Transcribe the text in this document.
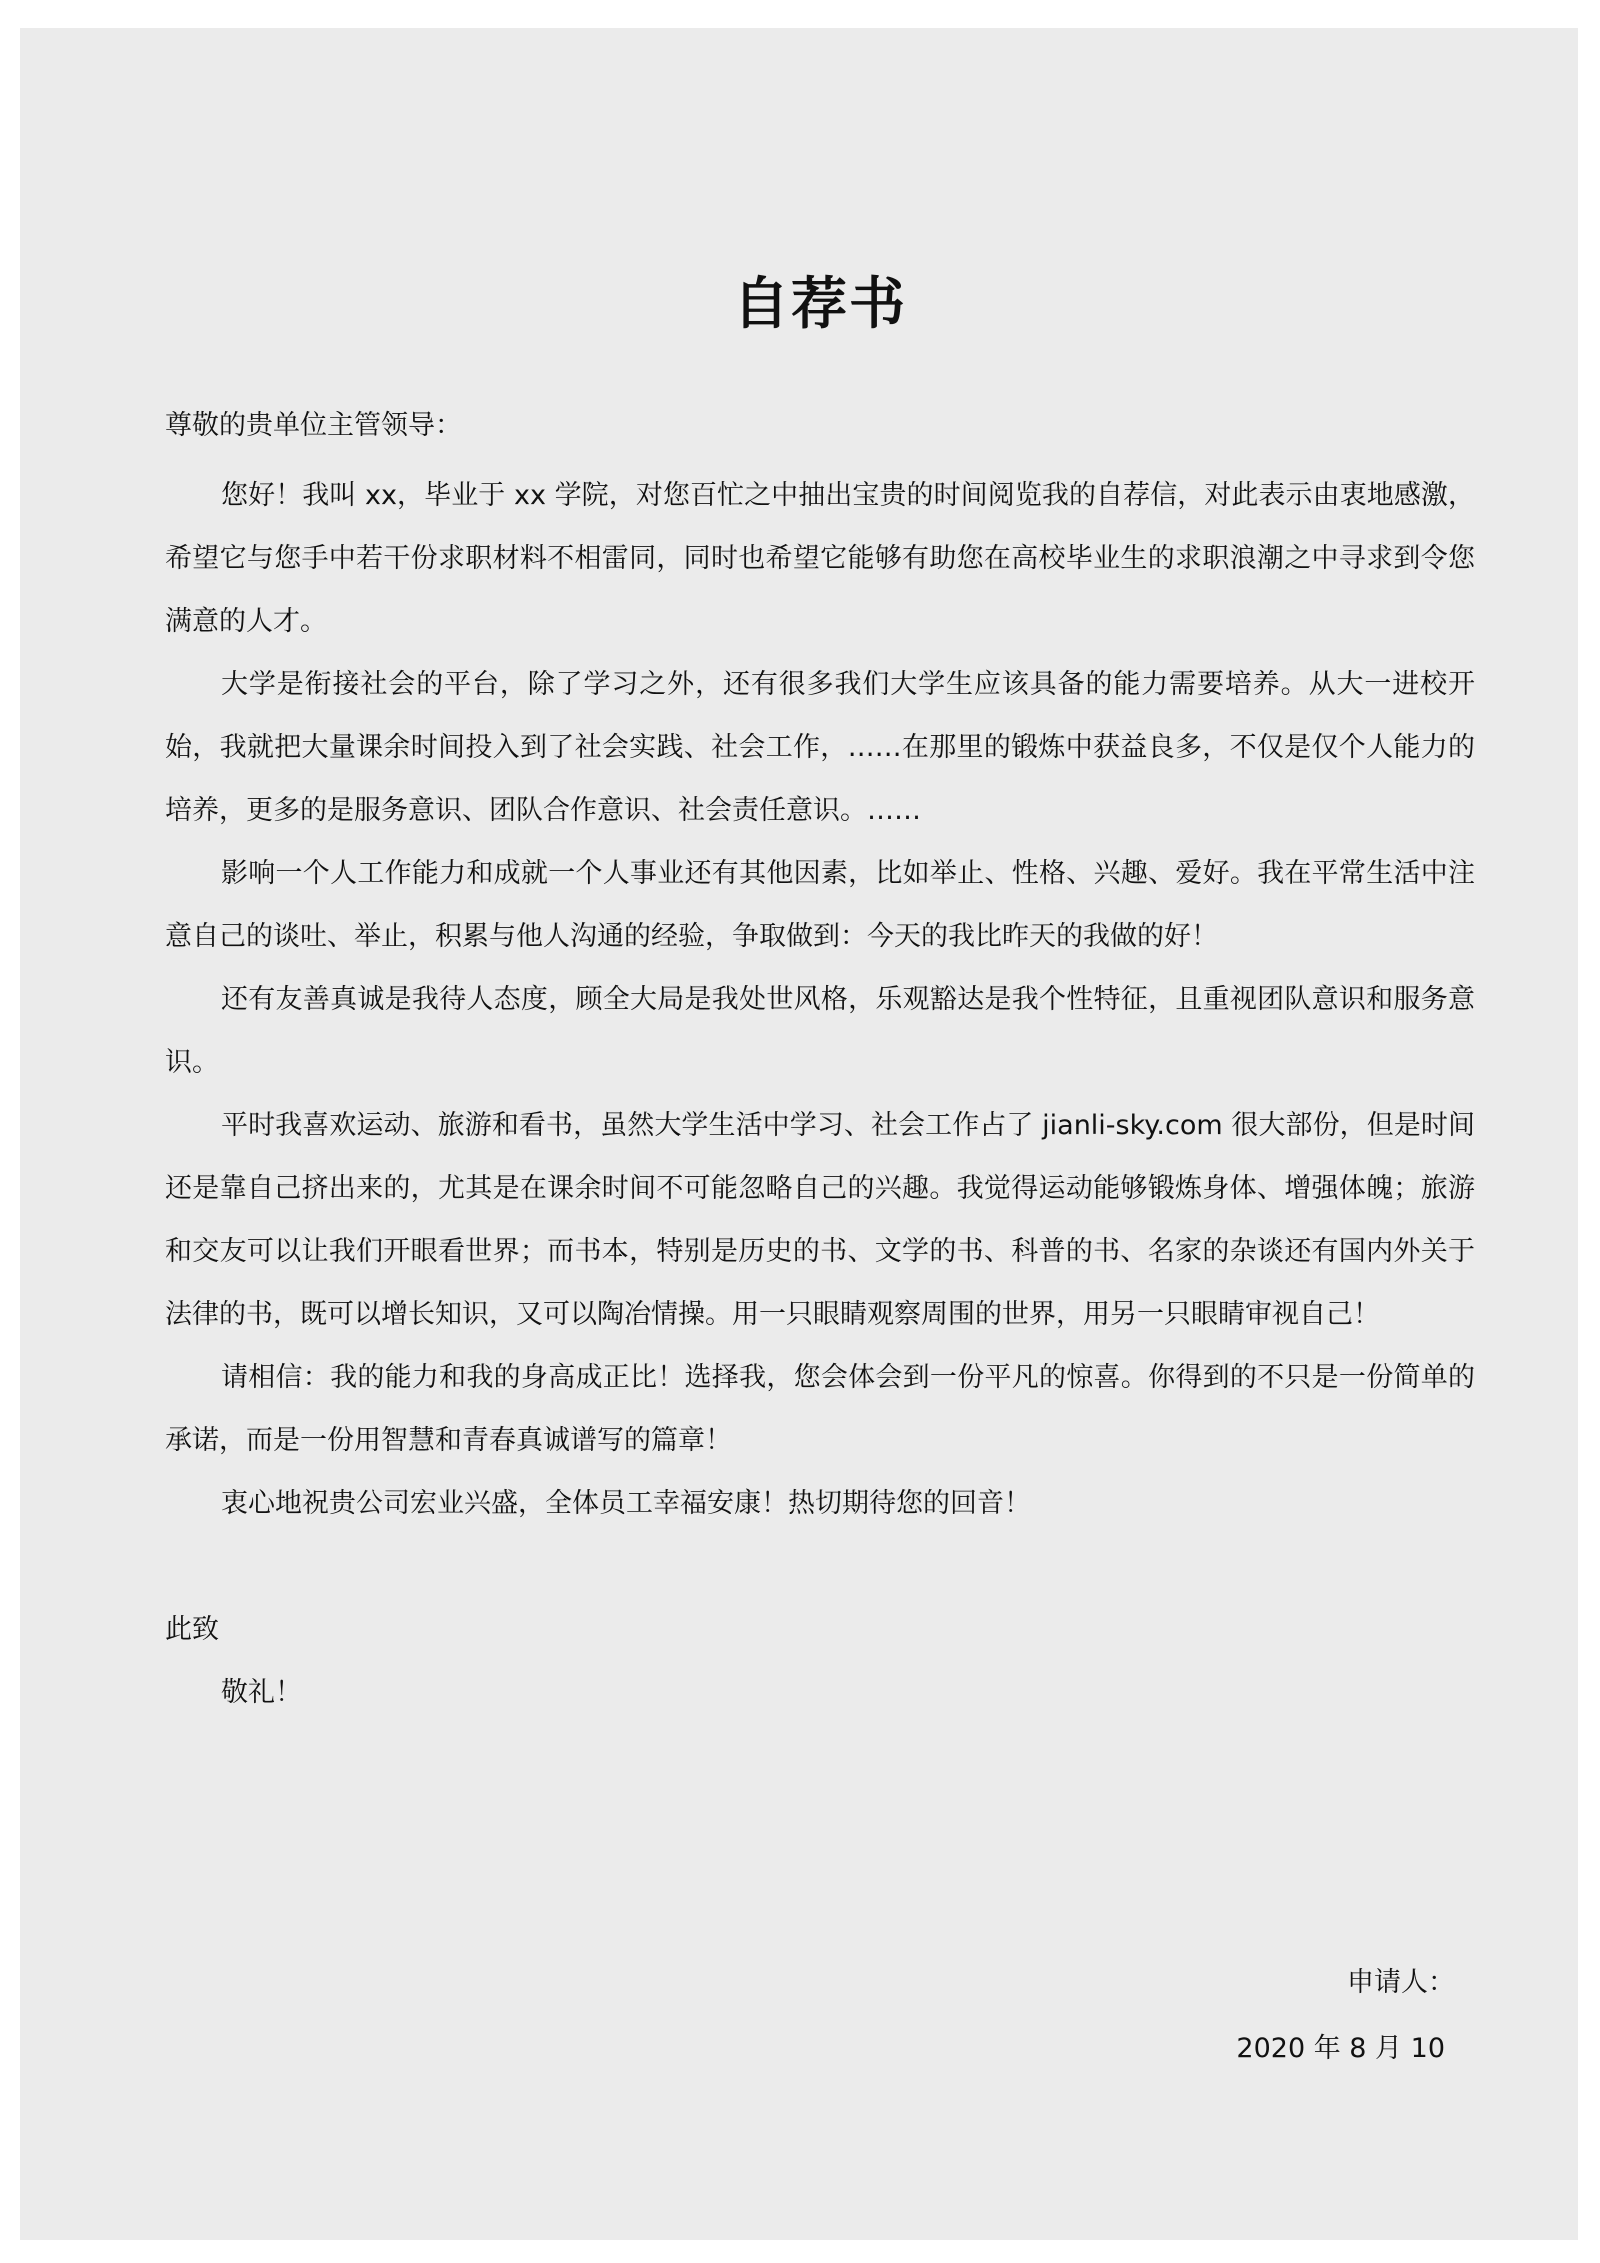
自荐书

尊敬的贵单位主管领导：

您好！我叫 xx，毕业于 xx 学院，对您百忙之中抽出宝贵的时间阅览我的自荐信，对此表示由衷地感激，希望它与您手中若干份求职材料不相雷同，同时也希望它能够有助您在高校毕业生的求职浪潮之中寻求到令您满意的人才。

大学是衔接社会的平台，除了学习之外，还有很多我们大学生应该具备的能力需要培养。从大一进校开始，我就把大量课余时间投入到了社会实践、社会工作，……在那里的锻炼中获益良多，不仅是仅个人能力的培养，更多的是服务意识、团队合作意识、社会责任意识。……

影响一个人工作能力和成就一个人事业还有其他因素，比如举止、性格、兴趣、爱好。我在平常生活中注意自己的谈吐、举止，积累与他人沟通的经验，争取做到：今天的我比昨天的我做的好！

还有友善真诚是我待人态度，顾全大局是我处世风格，乐观豁达是我个性特征，且重视团队意识和服务意识。

平时我喜欢运动、旅游和看书，虽然大学生活中学习、社会工作占了 jianli-sky.com 很大部份，但是时间还是靠自己挤出来的，尤其是在课余时间不可能忽略自己的兴趣。我觉得运动能够锻炼身体、增强体魄；旅游和交友可以让我们开眼看世界；而书本，特别是历史的书、文学的书、科普的书、名家的杂谈还有国内外关于法律的书，既可以增长知识，又可以陶冶情操。用一只眼睛观察周围的世界，用另一只眼睛审视自己！

请相信：我的能力和我的身高成正比！选择我，您会体会到一份平凡的惊喜。你得到的不只是一份简单的承诺，而是一份用智慧和青春真诚谱写的篇章！

衷心地祝贵公司宏业兴盛，全体员工幸福安康！热切期待您的回音！

此致

敬礼！

申请人：

2020 年 8 月 10
